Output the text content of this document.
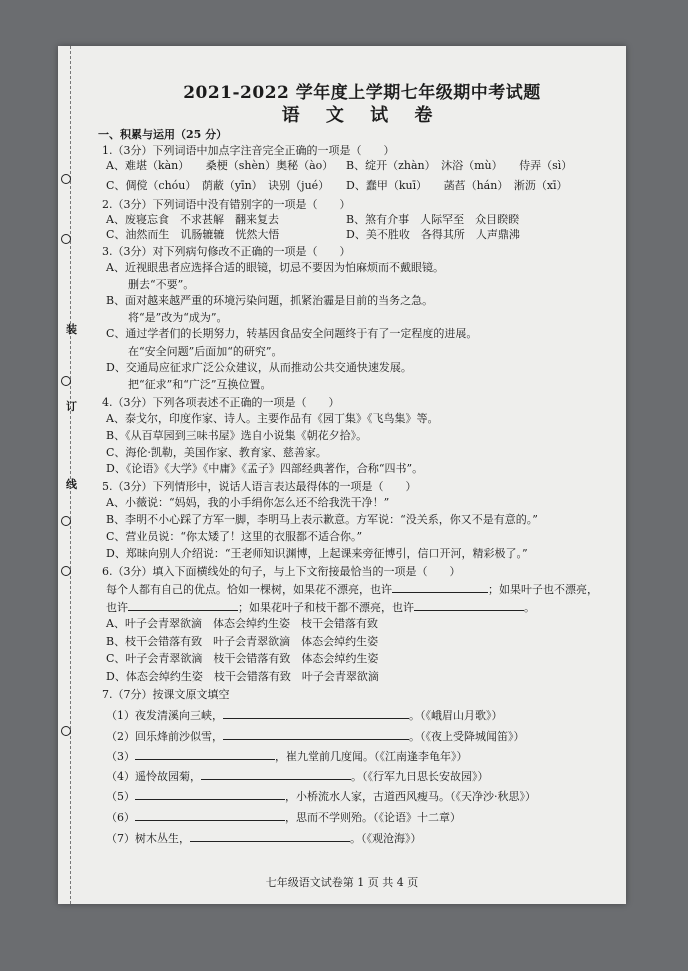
装
订
线
2021-2022 学年度上学期七年级期中考试题
语 文 试 卷
一、积累与运用（25 分）
1.（3分）下列词语中加点字注音完全正确的一项是（　　）
A、难堪（kàn）　　桑梗（shèn）奥秘（ào） B、绽开（zhàn）　沐浴（mù）　　侍弄（sì）
C、倜傥（chóu）　荫蔽（yīn）　诀别（jué） D、蠢甲（kuī）　　菡萏（hán）　淅沥（xī）
2.（3分）下列词语中没有错别字的一项是（　　）
A、废寝忘食　不求甚解　翻来复去	B、煞有介事　人际罕至　众目睽睽
C、油然而生　讥肠辘辘　恍然大悟	D、美不胜收　各得其所　人声鼎沸
3.（3分）对下列病句修改不正确的一项是（　　）
A、近视眼患者应选择合适的眼镜，切忌不要因为怕麻烦而不戴眼镜。
删去“不要”。
B、面对越来越严重的环境污染问题，抓紧治霾是目前的当务之急。
将“是”改为“成为”。
C、通过学者们的长期努力，转基因食品安全问题终于有了一定程度的进展。
在“安全问题”后面加“的研究”。
D、交通局应征求广泛公众建议，从而推动公共交通快速发展。
把“征求”和“广泛”互换位置。
4.（3分）下列各项表述不正确的一项是（　　）
A、泰戈尔，印度作家、诗人。主要作品有《园丁集》《飞鸟集》等。
B、《从百草园到三味书屋》选自小说集《朝花夕拾》。
C、海伦·凯勒，美国作家、教育家、慈善家。
D、《论语》《大学》《中庸》《孟子》四部经典著作，合称“四书”。
5.（3分）下列情形中，说话人语言表达最得体的一项是（　　）
A、小薇说：“妈妈，我的小手绢你怎么还不给我洗干净！”
B、李明不小心踩了方军一脚，李明马上表示歉意。方军说：“没关系，你又不是有意的。”
C、营业员说：“你太矮了！这里的衣服都不适合你。”
D、郑昧向别人介绍说：“王老师知识渊博，上起课来旁征博引，信口开河，精彩极了。”
6.（3分）填入下面横线处的句子，与上下文衔接最恰当的一项是（　　）
每个人都有自己的优点。恰如一棵树，如果花不漂亮，也许	；如果叶子也不漂亮，
也许	；如果花叶子和枝干都不漂亮，也许	。
A、叶子会青翠欲滴　体态会绰约生姿　枝干会错落有致
B、枝干会错落有致　叶子会青翠欲滴　体态会绰约生姿
C、叶子会青翠欲滴　枝干会错落有致　体态会绰约生姿
D、体态会绰约生姿　枝干会错落有致　叶子会青翠欲滴
7.（7分）按课文原文填空
（1）夜发清溪向三峡，	。（《峨眉山月歌》）
（2）回乐烽前沙似雪，	。（《夜上受降城闻笛》）
（3）	，崔九堂前几度闻。（《江南逢李龟年》）
（4）遥怜故园菊，	。（《行军九日思长安故园》）
（5）	，小桥流水人家，古道西风瘦马。（《天净沙·秋思》）
（6）	，思而不学则殆。（《论语》十二章）
（7）树木丛生，	。（《观沧海》）
七年级语文试卷第 1 页 共 4 页
